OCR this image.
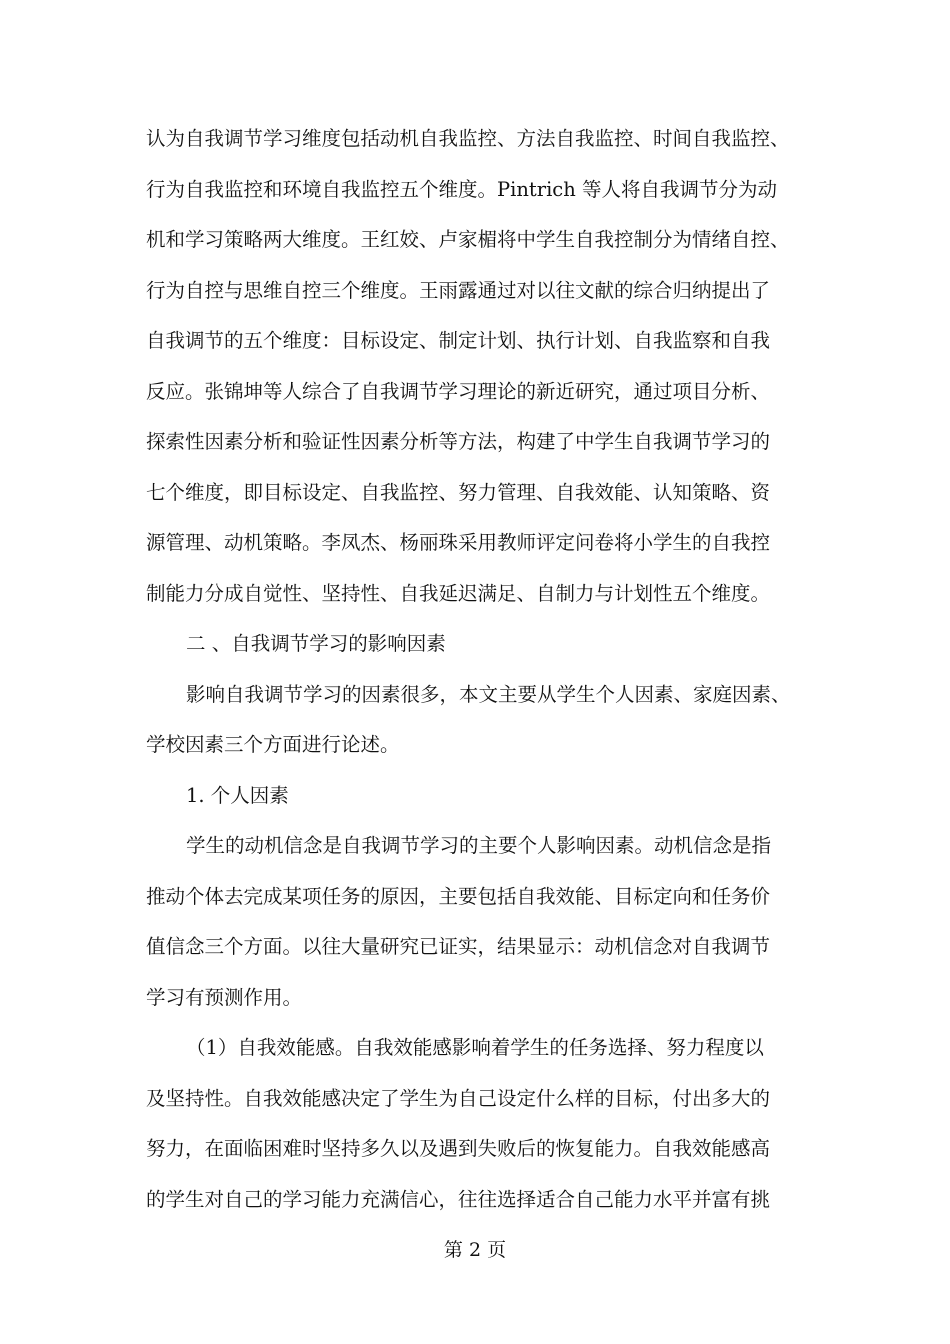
认为自我调节学习维度包括动机自我监控、方法自我监控、时间自我监控、
行为自我监控和环境自我监控五个维度。Pintrich 等人将自我调节分为动
机和学习策略两大维度。王红姣、卢家楣将中学生自我控制分为情绪自控、
行为自控与思维自控三个维度。王雨露通过对以往文献的综合归纳提出了
自我调节的五个维度：目标设定、制定计划、执行计划、自我监察和自我
反应。张锦坤等人综合了自我调节学习理论的新近研究，通过项目分析、
探索性因素分析和验证性因素分析等方法，构建了中学生自我调节学习的
七个维度，即目标设定、自我监控、努力管理、自我效能、认知策略、资
源管理、动机策略。李凤杰、杨丽珠采用教师评定问卷将小学生的自我控
制能力分成自觉性、坚持性、自我延迟满足、自制力与计划性五个维度。
二 、自我调节学习的影响因素
影响自我调节学习的因素很多，本文主要从学生个人因素、家庭因素、
学校因素三个方面进行论述。
1. 个人因素
学生的动机信念是自我调节学习的主要个人影响因素。动机信念是指
推动个体去完成某项任务的原因，主要包括自我效能、目标定向和任务价
值信念三个方面。以往大量研究已证实，结果显示：动机信念对自我调节
学习有预测作用。
（1）自我效能感。自我效能感影响着学生的任务选择、努力程度以
及坚持性。自我效能感决定了学生为自己设定什么样的目标，付出多大的
努力，在面临困难时坚持多久以及遇到失败后的恢复能力。自我效能感高
的学生对自己的学习能力充满信心，往往选择适合自己能力水平并富有挑
第 2 页
